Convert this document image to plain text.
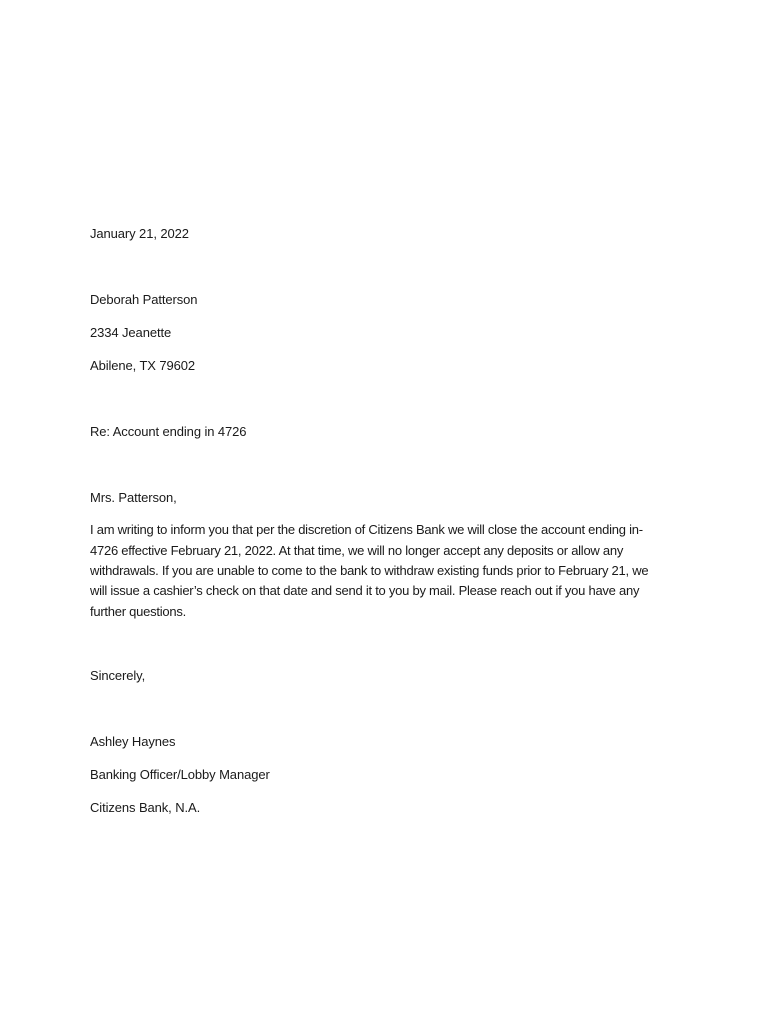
January 21, 2022
Deborah Patterson
2334 Jeanette
Abilene, TX 79602
Re: Account ending in 4726
Mrs. Patterson,
I am writing to inform you that per the discretion of Citizens Bank we will close the account ending in-
4726 effective February 21, 2022. At that time, we will no longer accept any deposits or allow any
withdrawals. If you are unable to come to the bank to withdraw existing funds prior to February 21, we
will issue a cashier’s check on that date and send it to you by mail. Please reach out if you have any
further questions.
Sincerely,
Ashley Haynes
Banking Officer/Lobby Manager
Citizens Bank, N.A.
